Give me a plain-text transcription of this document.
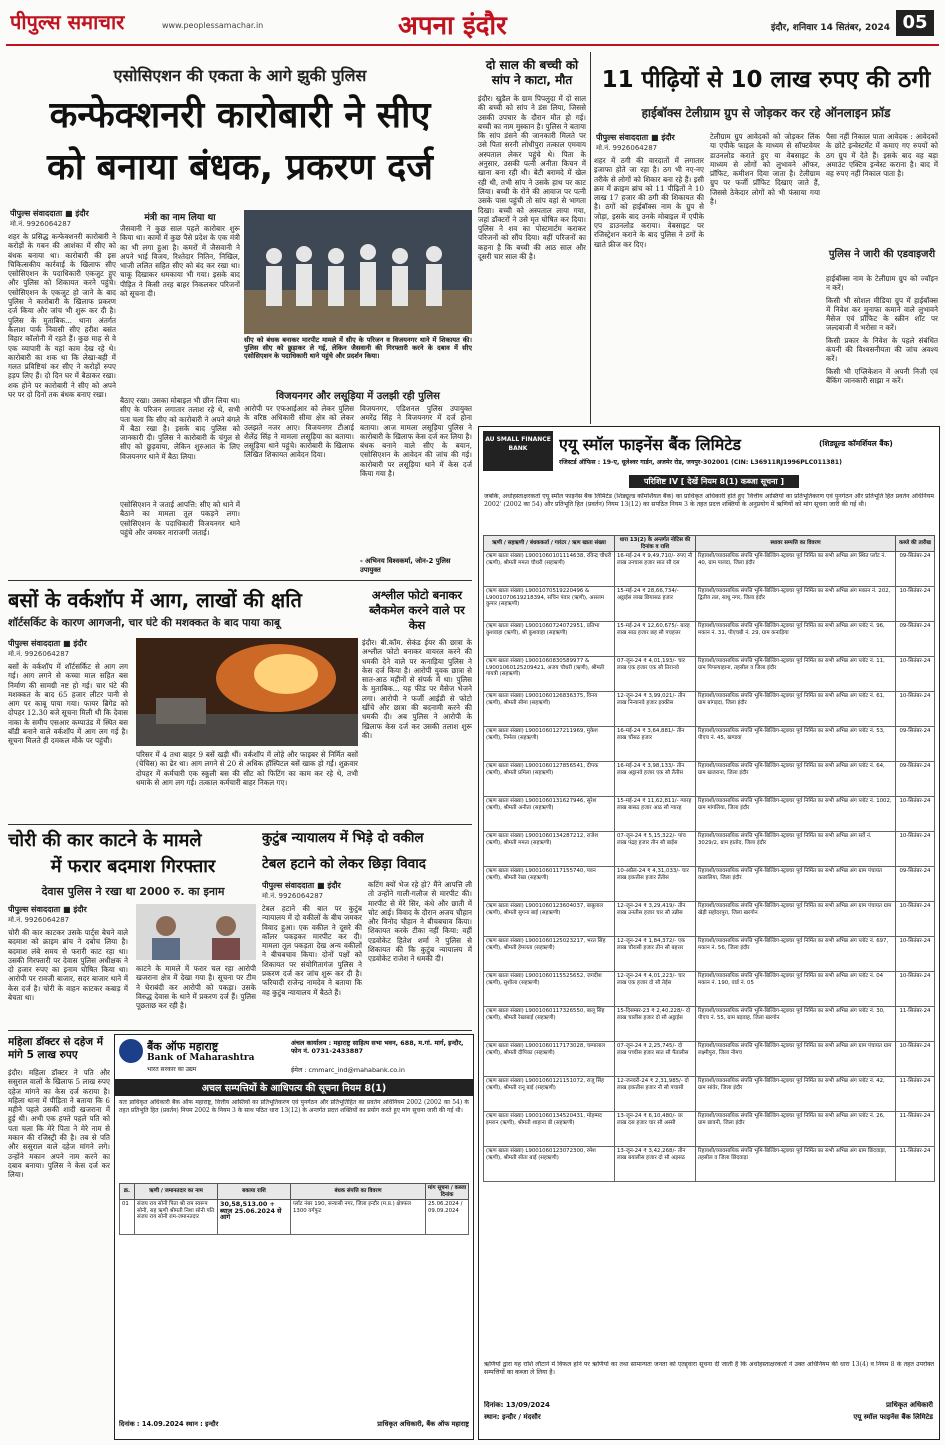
पीपुल्स समाचार	www.peoplessamachar.in	अपना इंदौर	इंदौर, शनिवार 14 सितंबर, 2024 05
एसोसिएशन की एकता के आगे झुकी पुलिस
कन्फेक्शनरी कारोबारी ने सीए
को बनाया बंधक, प्रकरण दर्ज
पीपुल्स संवाददाता ■ इंदौर
मो.नं. 9926064287
शहर के प्रसिद्ध कन्फेक्शनरी कारोबारी ने करोड़ों के गबन की आशंका में सीए को बंधक बनाया था। कारोबारी की इस चिकित्सकीय कार्रवाई के खिलाफ सीए एसोसिएशन के पदाधिकारी एकजुट हुए और पुलिस को शिकायत करने पहुंचे। एसोसिएशन के एकजुट हो जाने के बाद पुलिस ने कारोबारी के खिलाफ प्रकरण दर्ज किया और जांच भी शुरू कर दी है। पुलिस के मुताबिक... थाना अंतर्गत कैलाश पार्क निवासी सीए हरीश बसंत विहार कॉलोनी में रहते हैं। कुछ माह से वे एक व्यापारी के यहां काम देख रहे थे। कारोबारी का शक था कि लेखा-बही में गलत प्रविष्टियां कर सीए ने करोड़ों रुपए हड़प लिए हैं। दो दिन घर में बैठाकर रखा। शक होने पर कारोबारी ने सीए को अपने घर पर दो दिनों तक बंधक बनाए रखा।
मंत्री का नाम लिया था
जैसवानी ने कुछ साल पहले कारोबार शुरू किया था। कामों में कुछ पैसे प्रदेश के एक मंत्री का भी लगा हुआ है। कमरों में जैसवानी ने अपने भाई विजय, रिश्तेदार नितिन, निखिल, भाजी ललित सहित सीए को बंद कर रखा था। चाकू दिखाकर धमकाया भी गया। इसके बाद पीड़ित ने किसी तरह बाहर निकलकर परिजनों को सूचना दी।
सीए को बंधक बनाकर मारपीट मामले में सीए के परिजन व विजयनगर थाने में शिकायत की। पुलिस सीए को छुड़ाकर ले गई, लेकिन जैसवानी की गिरफ्तारी करने के दबाव में सीए एसोसिएशन के पदाधिकारी थाने पहुंचे और प्रदर्शन किया।
बैठाए रखा। उसका मोबाइल भी छीन लिया था। सीए के परिजन लगातार तलाश रहे थे, सभी पता चला कि सीए को कारोबारी ने अपने बंगले में बैठा रखा है। इसके बाद पुलिस को जानकारी दी। पुलिस ने कारोबारी के चंगुल से सीए को छुड़वाया, लेकिन शुरुआत के लिए विजयनगर थाने में बैठा लिया।
एसोसिएशन ने जताई आपत्ति: सीए को थाने में बैठाने का मामला तूल पकड़ने लगा। एसोसिएशन के पदाधिकारी विजयनगर थाने पहुंचे और जमकर नाराजगी जताई।
विजयनगर और लसूड़िया में उलझी रही पुलिस
आरोपी पर एफआईआर को लेकर पुलिस के वरिष्ठ अधिकारी सीमा क्षेत्र को लेकर उलझते नजर आए। विजयनगर टीआई शैलेंद्र सिंह ने मामला लसूड़िया का बताया। लसूड़िया थाने पहुंचे। कारोबारी के खिलाफ लिखित शिकायत आवेदन दिया।
विजयनगर, एडिशनल पुलिस उपायुक्त अमरेंद्र सिंह ने विजयनगर में दर्ज होना बताया। आज मामला लसूड़िया पुलिस ने कारोबारी के खिलाफ केस दर्ज कर लिया है। बंधक बनाने वाले सीए के बयान, एसोसिएशन के आवेदन की जांच की गई। कारोबारी पर लसूड़िया थाने में केस दर्ज किया गया है।
- अभिनय विश्वकर्मा, जोन-2 पुलिस उपायुक्त
दो साल की बच्ची को सांप ने काटा, मौत
इंदौर। खुडैल के ग्राम पिपलुदा में दो साल की बच्ची को सांप ने डंस लिया, जिससे उसकी उपचार के दौरान मौत हो गई। बच्ची का नाम मुस्कान है। पुलिस ने बताया कि सांप डंसने की जानकारी मिलते पर उसे पिता सरनी लोधीपुरा तत्काल एमवाय अस्पताल लेकर पहुंचे थे। पिता के अनुसार, उसकी पत्नी अनीता किचन में खाना बना रही थी। बेटी बरामदे में खेल रही थी, तभी सांप ने उसके हाथ पर काट लिया। बच्ची के रोने की आवाज पर पत्नी उसके पास पहुंची तो सांप वहां से भागता दिखा। बच्ची को अस्पताल लाया गया, जहां डॉक्टरों ने उसे मृत घोषित कर दिया। पुलिस ने शव का पोस्टमार्टम कराकर परिजनों को सौंप दिया। वहीं परिजनों का कहना है कि बच्ची की आठ साल और दूसरी चार साल की है।
11 पीढ़ियों से 10 लाख रुपए की ठगी
हाईबॉक्स टेलीग्राम ग्रुप से जोड़कर कर रहे ऑनलाइन फ्रॉड
पीपुल्स संवाददाता ■ इंदौर
मो.नं. 9926064287
शहर में ठगी की वारदातों में लगातार इजाफा होते जा रहा है। ठग भी नए-नए तरीके से लोगों को शिकार बना रहे हैं। इसी क्रम में क्राइम ब्रांच को 11 पीढ़ितों ने 10 लाख 17 हजार की ठगी की शिकायत की है। ठगों को हाईबॉक्स नाम के ग्रुप से जोड़ा, इसके बाद उनके मोबाइल में एपीके एप डाउनलोड कराया। वेबसाइट पर रजिस्ट्रेशन कराने के बाद पुलिस ने ठगों के खाते फ्रीज कर दिए।
टेलीग्राम ग्रुप आवेदकों को जोड़कर लिंक या एपीके फाइल के माध्यम से सॉफ्टवेयर डाउनलोड कराते हुए या वेबसाइट के माध्यम से लोगों को लुभावने ऑफर, प्रॉफिट, कमीशन दिया जाता है। टेलीग्राम ग्रुप पर फर्जी प्रॉफिट दिखाए जाते हैं, जिससे ठेकेदार लोगों को भी फंसाया गया है।
पैसा नहीं निकाल पाता आवेदक : आवेदकों के छोटे इन्वेस्टमेंट में कमाए गए रुपयों को ठग ग्रुप में देते हैं। इसके बाद वह बड़ा अमाउंट एक्टिव इन्वेस्ट कराना है। बाद में वह रुपए नहीं निकाल पाता है।
पुलिस ने जारी की एडवाइजरी
हाईबॉक्स नाम के टेलीग्राम ग्रुप को ज्वॉइन न करें।
किसी भी सोशल मीडिया ग्रुप में हाईबॉक्स में निवेश कर मुनाफा कमाने वाले लुभावने मैसेज एवं प्रॉफिट के स्क्रीन शॉट पर जल्दबाजी में भरोसा न करें।
किसी प्रकार के निवेश के पहले संबंधित कंपनी की विश्वसनीयता की जांच अवश्य करें।
किसी भी एप्लिकेशन में अपनी निजी एवं बैंकिंग जानकारी साझा न करें।
AU SMALL FINANCE BANK	एयू स्मॉल फाइनेंस बैंक लिमिटेड	(शिड्यूल्ड कॉमर्शियल बैंक)
रजिस्टर्ड ऑफिस : 19-ए, धूलेश्वर गार्डन, अजमेर रोड, जयपुर-302001 (CIN: L36911RJ1996PLC011381)
परिशिष्ट IV [ देखें नियम 8(1) कब्जा सूचना ]
जबकि, अधोहस्ताक्षरकर्ता एयू स्मॉल फाइनेंस बैंक लिमिटेड (शिड्यूल्ड कॉमर्शियल बैंक) का प्राधिकृत अधिकारी होते हुए 'वित्तीय आस्तियों का प्रतिभूतिकरण एवं पुनर्गठन और प्रतिभूति हित प्रवर्तन अधिनियम 2002' (2002 का 54) और प्रतिभूति हित (प्रवर्तन) नियम 13(12) का सपठित नियम 3 के तहत प्रदत्त शक्तियों के अनुप्रयोग में ऋणियों को मांग सूचना जारी की गई थी।
ऋणी / सहऋणी / बंधककर्ता / गारंटर / ऋण खाता संख्या	धारा 13(2) के अन्तर्गत नोटिस की दिनांक व राशि	स्थावर सम्पत्ति का विवरण	कब्जे की तारीख
(ऋण खाता संख्या) L9001060101114638, रविन्द्र चौधरी (ऋणी), श्रीमती ममता चौधरी (सहऋणी)	16-मई-24 ₹ 9,49,710/- रुपए नौ लाख उनचास हजार सात सौ दस	रिहायशी/व्यावसायिक संपत्ति भूमि-बिल्डिंग-स्ट्रक्चर पूर्व निर्मित का सभी अभिन्न अंग स्थित प्लॉट नं. 40, ग्राम पालदा, जिला इंदौर	09-सितंबर-24
(ऋण खाता संख्या) L9001070519220496 & L9001070619218394, सचिन पंवार (ऋणी), असलम कुमार (सहऋणी)	15-मई-24 ₹ 28,66,734/- अट्ठाईस लाख छियासठ हजार	रिहायशी/व्यावसायिक संपत्ति भूमि-बिल्डिंग-स्ट्रक्चर पूर्व निर्मित का सभी अभिन्न अंग मकान नं. 202, द्वितीय तल, साधु नगर, जिला इंदौर	10-सितंबर-24
(ऋण खाता संख्या) L9001060724072951, प्रतिभा कुशवाहा (ऋणी), श्री कुशवाहा (सहऋणी)	15-मई-24 ₹ 12,60,675/- बारह लाख साठ हजार छह सौ पचहत्तर	रिहायशी/व्यावसायिक संपत्ति भूमि-बिल्डिंग-स्ट्रक्चर पूर्व निर्मित का सभी अभिन्न अंग प्लॉट नं. 96, मकान नं. 31, पीएचबी नं. 29, ग्राम कनाड़िया	09-सितंबर-24
(ऋण खाता संख्या) L9001060830589977 & L9001060125209421, अजय चौधरी (ऋणी), श्रीमती गायत्री (सहऋणी)	07-जून-24 ₹ 4,01,193/- चार लाख एक हजार एक सौ तिरानवे	रिहायशी/व्यावसायिक संपत्ति भूमि-बिल्डिंग-स्ट्रक्चर पूर्व निर्मित का सभी अभिन्न अंग प्लॉट नं. 11, ग्राम पिपल्याहाना, तहसील व जिला इंदौर	10-सितंबर-24
(ऋण खाता संख्या) L9001060126836375, विनय (ऋणी), श्रीमती सीमा (सहऋणी)	12-जून-24 ₹ 3,99,021/- तीन लाख निन्यानवे हजार इक्कीस	रिहायशी/व्यावसायिक संपत्ति भूमि-बिल्डिंग-स्ट्रक्चर पूर्व निर्मित का सभी अभिन्न अंग प्लॉट नं. 61, ग्राम बांगड़दा, जिला इंदौर	10-सितंबर-24
(ऋण खाता संख्या) L9001060127211969, मुकेश (ऋणी), निर्मला (सहऋणी)	16-मई-24 ₹ 3,64,881/- तीन लाख चौंसठ हजार	रिहायशी/व्यावसायिक संपत्ति भूमि-बिल्डिंग-स्ट्रक्चर पूर्व निर्मित का सभी अभिन्न अंग प्लॉट नं. 53, पीएच नं. 45, खण्डवा	09-सितंबर-24
(ऋण खाता संख्या) L9001060127856541, दीपक (ऋणी), श्रीमती प्रमिला (सहऋणी)	16-मई-24 ₹ 3,98,133/- तीन लाख अट्ठानवे हजार एक सौ तैंतीस	रिहायशी/व्यावसायिक संपत्ति भूमि-बिल्डिंग-स्ट्रक्चर पूर्व निर्मित का सभी अभिन्न अंग प्लॉट नं. 64, ग्राम खजराना, जिला इंदौर	09-सितंबर-24
(ऋण खाता संख्या) L9001060131627946, सुरेश (ऋणी), श्रीमती अनीता (सहऋणी)	15-मई-24 ₹ 11,62,811/- ग्यारह लाख बासठ हजार आठ सौ ग्यारह	रिहायशी/व्यावसायिक संपत्ति भूमि-बिल्डिंग-स्ट्रक्चर पूर्व निर्मित का सभी अभिन्न अंग प्लॉट नं. 1002, ग्राम मांगलिया, जिला इंदौर	10-सितंबर-24
(ऋण खाता संख्या) L9001060134287212, राजेश (ऋणी), श्रीमती ममता (सहऋणी)	07-जून-24 ₹ 5,15,322/- पांच लाख पंद्रह हजार तीन सौ बाईस	रिहायशी/व्यावसायिक संपत्ति भूमि-बिल्डिंग-स्ट्रक्चर पूर्व निर्मित का सभी अभिन्न अंग सर्वे नं. 3029/2, ग्राम हातोद, जिला इंदौर	10-सितंबर-24
(ऋण खाता संख्या) L9001060117155740, पवन (ऋणी), श्रीमती रेखा (सहऋणी)	10-अप्रैल-24 ₹ 4,31,033/- चार लाख इकत्तीस हजार तैंतीस	रिहायशी/व्यावसायिक संपत्ति भूमि-बिल्डिंग-स्ट्रक्चर पूर्व निर्मित का सभी अभिन्न अंग ग्राम पंचायत कछालिया, जिला इंदौर	09-सितंबर-24
(ऋण खाता संख्या) L9001060123604037, बाबूलाल (ऋणी), श्रीमती सुगना बाई (सहऋणी)	12-जून-24 ₹ 3,29,419/- तीन लाख उनतीस हजार चार सौ उन्नीस	रिहायशी/व्यावसायिक संपत्ति भूमि-बिल्डिंग-स्ट्रक्चर पूर्व निर्मित का सभी अभिन्न अंग ग्राम पंचायत ग्राम खेड़ी सहोदरपुरा, जिला खरगोन	10-सितंबर-24
(ऋण खाता संख्या) L9001060125023217, भरत सिंह (ऋणी), श्रीमती हेमलता (सहऋणी)	12-जून-24 ₹ 1,84,372/- एक लाख चौरासी हजार तीन सौ बहत्तर	रिहायशी/व्यावसायिक संपत्ति भूमि-बिल्डिंग-स्ट्रक्चर पूर्व निर्मित का सभी अभिन्न अंग प्लॉट नं. 697, मकान नं. 56, जिला इंदौर	10-सितंबर-24
(ऋण खाता संख्या) L9001060115525652, जगदीश (ऋणी), सुशीला (सहऋणी)	12-जून-24 ₹ 4,01,223/- चार लाख एक हजार दो सौ तेईस	रिहायशी/व्यावसायिक संपत्ति भूमि-बिल्डिंग-स्ट्रक्चर पूर्व निर्मित का सभी अभिन्न अंग प्लॉट नं. 04 मकान नं. 190, वार्ड नं. 05	10-सितंबर-24
(ऋण खाता संख्या) L9001060117326550, बालू सिंह (ऋणी), श्रीमती रेखाबाई (सहऋणी)	15-दिसम्बर-23 ₹ 2,40,228/- दो लाख चालीस हजार दो सौ अट्ठाईस	रिहायशी/व्यावसायिक संपत्ति भूमि-बिल्डिंग-स्ट्रक्चर पूर्व निर्मित का सभी अभिन्न अंग प्लॉट नं. 30, पीएच नं. 55, ग्राम बड़वाह, जिला खरगोन	11-सितंबर-24
(ऋण खाता संख्या) L9001060117173028, चम्पालाल (ऋणी), श्रीमती दीपिका (सहऋणी)	07-जून-24 ₹ 2,25,745/- दो लाख पच्चीस हजार सात सौ पैंतालीस	रिहायशी/व्यावसायिक संपत्ति भूमि-बिल्डिंग-स्ट्रक्चर पूर्व निर्मित का सभी अभिन्न अंग ग्राम पंचायत ग्राम लक्ष्मीपुरा, जिला नीमच	10-सितंबर-24
(ऋण खाता संख्या) L9001060121151072, राजू सिंह (ऋणी), श्रीमती रानू बाई (सहऋणी)	12-जनवरी-24 ₹ 2,31,985/- दो लाख इकत्तीस हजार नौ सौ पचासी	रिहायशी/व्यावसायिक संपत्ति भूमि-बिल्डिंग-स्ट्रक्चर पूर्व निर्मित का सभी अभिन्न अंग प्लॉट नं. 42, ग्राम सांवेर, जिला इंदौर	11-सितंबर-24
(ऋण खाता संख्या) L9001060134520431, मोहम्मद इमरान (ऋणी), श्रीमती शाहाना बी (सहऋणी)	13-जून-24 ₹ 6,10,480/- छः लाख दस हजार चार सौ अस्सी	रिहायशी/व्यावसायिक संपत्ति भूमि-बिल्डिंग-स्ट्रक्चर पूर्व निर्मित का सभी अभिन्न अंग प्लॉट नं. 26, ग्राम छावनी, जिला इंदौर	11-सितंबर-24
(ऋण खाता संख्या) L9001060123072300, रमेश (ऋणी), श्रीमती सीता बाई (सहऋणी)	13-जून-24 ₹ 3,42,268/- तीन लाख बयालीस हजार दो सौ अड़सठ	रिहायशी/व्यावसायिक संपत्ति भूमि-बिल्डिंग-स्ट्रक्चर पूर्व निर्मित का सभी अभिन्न अंग ग्राम छिंदवाड़ा, तहसील व जिला छिंदवाड़ा	11-सितंबर-24
ऋणियों द्वारा यह राशि लौटाने में विफल होने पर ऋणियों का तथा सामान्यतः जनता को एतद्द्वारा सूचना दी जाती है कि अधोहस्ताक्षरकर्ता ने उक्त अधिनियम की धारा 13(4) व नियम 8 के तहत उपरोक्त सम्पत्तियों का कब्जा ले लिया है।
दिनांक: 13/09/2024
स्थान: इन्दौर / मंदसौर
प्राधिकृत अधिकारी
एयू स्मॉल फाइनेंस बैंक लिमिटेड
बसों के वर्कशॉप में आग, लाखों की क्षति
शॉर्टसर्किट के कारण आगजनी, चार घंटे की मशक्कत के बाद पाया काबू
पीपुल्स संवाददाता ■ इंदौर
मो.नं. 9926064287
बसों के वर्कशॉप में शॉर्टसर्किट से आग लग गई। आग लगने से कच्चा माल सहित बस निर्माण की सामग्री नष्ट हो गई। चार घंटे की मशक्कत के बाद 65 हजार लीटर पानी से आग पर काबू पाया गया। फायर ब्रिगेड को दोपहर 12.30 बजे सूचना मिली थी कि देवास नाका के समीप एसआर कम्पाउंड में स्थित बस बॉडी बनाने वाले वर्कशॉप में आग लग गई है। सूचना मिलते ही दमकल मौके पर पहुंची।
परिसर में 4 तथा बाहर 9 बसें खड़ी थीं। वर्कशॉप में लोहे और फाइबर से निर्मित बसों (चेचिस) का ढेर था। आग लगने से 20 से अधिक हॉस्पिटल बसें खाक हो गईं। शुक्रवार दोपहर में कर्मचारी एक स्कूली बस की सीट को फिटिंग का काम कर रहे थे, तभी धमाके से आग लग गई। तत्काल कर्मचारी बाहर निकल गए।
अश्लील फोटो बनाकर ब्लैकमेल करने वाले पर केस
इंदौर। बी.कॉम. सेकंड ईयर की छात्रा के अश्लील फोटो बनाकर वायरल करने की धमकी देने वाले पर कनाड़िया पुलिस ने केस दर्ज किया है। आरोपी युवक छात्रा से सात-आठ महीनों से संपर्क में था। पुलिस के मुताबिक... यह फीड पर मैसेज भेजने लगा। आरोपी ने फर्जी आईडी से फोटो खींचे और छात्रा की बदनामी करने की धमकी दी। अब पुलिस ने आरोपी के खिलाफ केस दर्ज कर उसकी तलाश शुरू की।
चोरी की कार काटने के मामले
में फरार बदमाश गिरफ्तार
देवास पुलिस ने रखा था 2000 रु. का इनाम
पीपुल्स संवाददाता ■ इंदौर
मो.नं. 9926064287
चोरी की कार काटकर उसके पार्ट्स बेचने वाले बदमाश को क्राइम ब्रांच ने दबोच लिया है। बदमाश लंबे समय से फरारी काट रहा था। उसकी गिरफ्तारी पर देवास पुलिस अधीक्षक ने दो हजार रुपए का इनाम घोषित किया था। आरोपी पर रावजी बाजार, सदर बाजार थाने में केस दर्ज है। चोरी के वाहन काटकर कबाड़ में बेचता था।
काटने के मामले में फरार चल रहा आरोपी खजराना क्षेत्र में देखा गया है। सूचना पर टीम ने घेराबंदी कर आरोपी को पकड़ा। उसके विरुद्ध देवास के थाने में प्रकरण दर्ज हैं। पुलिस पूछताछ कर रही है।
कुटुंब न्यायालय में भिड़े दो वकील
टेबल हटाने को लेकर छिड़ा विवाद
पीपुल्स संवाददाता ■ इंदौर
मो.नं. 9926064287
टेबल हटाने की बात पर कुटुंब न्यायालय में दो वकीलों के बीच जमकर विवाद हुआ। एक वकील ने दूसरे की कॉलर पकड़कर मारपीट कर दी। मामला तूल पकड़ता देख अन्य वकीलों ने बीचबचाव किया। दोनों पक्षों को शिकायत पर संयोगितागंज पुलिस ने प्रकरण दर्ज कर जांच शुरू कर दी है। फरियादी राजेन्द्र नामदेव ने बताया कि वह कुटुंब न्यायालय में बैठते हैं।
कटिंग क्यों भेज रहे हो? मैंने आपत्ति ली तो उन्होंने गाली-गलौज से मारपीट की। मारपीट से मेरे सिर, कंधे और छाती में चोट आई। विवाद के दौरान अजय चौहान और विनोद चौहान ने बीचबचाव किया। शिकायत करके टीका नहीं किया: वहीं एडवोकेट हितेश शर्मा ने पुलिस से शिकायत की कि कुटुंब न्यायालय में एडवोकेट राजेश ने धमकी दी।
महिला डॉक्टर से दहेज में मांगे 5 लाख रुपए
इंदौर। महिला डॉक्टर ने पति और ससुराल वालों के खिलाफ 5 लाख रुपए दहेज मांगने का केस दर्ज कराया है। महिला थाना में पीड़िता ने बताया कि 6 महीने पहले उसकी शादी खजराना में हुई थी। अभी एक हफ्ते पहले पति को पता चला कि मेरे पिता ने मेरे नाम से मकान की रजिस्ट्री की है। तब से पति और ससुराल वाले दहेज मांगने लगे। उन्होंने मकान अपने नाम करने का दबाव बनाया। पुलिस ने केस दर्ज कर लिया।
बैंक ऑफ महाराष्ट्र
Bank of Maharashtra
भारत सरकार का उद्यम
अंचल कार्यालय : महाराष्ट्र साहित्य सभा भवन, 688, म.गां. मार्ग, इन्दौर, फोन नं. 0731-2433887
ईमेल : cmmarc_ind@mahabank.co.in
अचल सम्पत्तियों के आधिपत्य की सूचना नियम 8(1)
यतः प्राधिकृत अधिकारी बैंक ऑफ महाराष्ट्र, वित्तीय आस्तियों का प्रतिभूतिकरण एवं पुनर्गठन और प्रतिभूतिहित का प्रवर्तन अधिनियम 2002 (2002 का 54) के तहत प्रतिभूति हित (प्रवर्तन) नियम 2002 के नियम 3 के साथ पठित धारा 13(12) के अन्तर्गत प्रदत्त शक्तियों का प्रयोग करते हुए मांग सूचना जारी की गई थी।
क्र.	ऋणी / जमानतदार का नाम	बकाया राशि	बंधक संपत्ति का विवरण	मांग सूचना / कब्जा दिनांक
01	संजय राय सोनी पिता श्री राम स्वरूप सोनी, सह ऋणी श्रीमती निशा सोनी पति संजय राय सोनी राम-जमानतदार	30,58,513.00 + ब्याज 25.06.2024 से आगे	प्लॉट नंबर 190, सन्यासी नगर, जिला इन्दौर (म.प्र.) क्षेत्रफल 1300 वर्गफुट	25.06.2024 / 09.09.2024
दिनांक : 14.09.2024 स्थान : इन्दौर	प्राधिकृत अधिकारी, बैंक ऑफ महाराष्ट्र
